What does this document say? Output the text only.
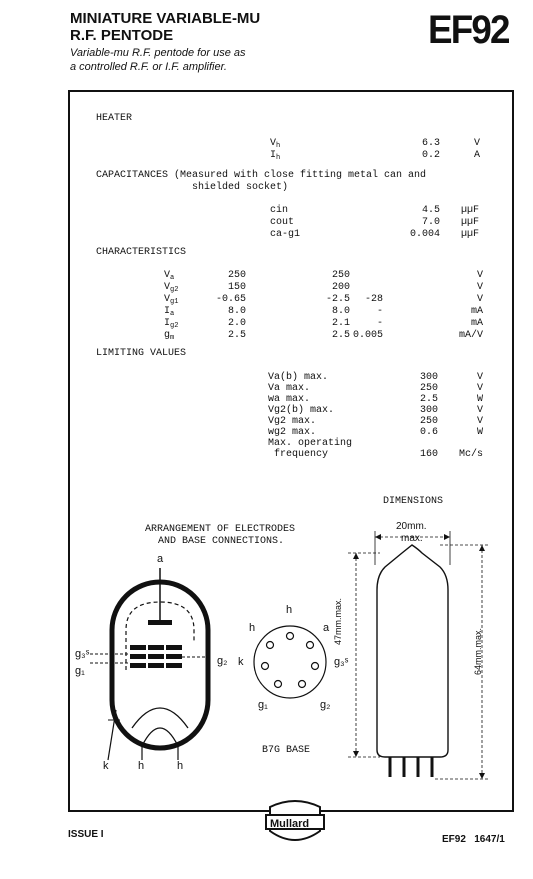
MINIATURE VARIABLE-MU
R.F. PENTODE
Variable-mu R.F. pentode for use as
a controlled R.F. or I.F. amplifier.
EF92
HEATER
$V_h$	6.3	V
$I_h$	0.2	A
CAPACITANCES (Measured with close fitting metal can and
shielded socket)
cin	4.5 µµF
cout	7.0 µµF
ca-g1	0.004 µµF
CHARACTERISTICS
$V_a$	250	250	V
$V_{g2}$	150	200	V
$V_{g1}$	-0.65	-2.5 -28	V
$I_a$	8.0	8.0	-	mA
$I_{g2}$	2.0	2.1	-	mA
$g_m$	2.5	2.5 0.005	mA/V
LIMITING VALUES
Va(b) max.	300	V
Va max.	250	V
wa max.	2.5	W
Vg2(b) max.	300	V
Vg2 max.	250	V
wg2 max.	0.6	W
Max. operating
frequency	160 Mc/s
DIMENSIONS
ARRANGEMENT OF ELECTRODES
AND BASE CONNECTIONS.
a
g₃ˢ
g₁
g₂
k	h	h
h
h	a
k	g₃ˢ
g₁	g₂
B7G BASE
20mm.
max.
47mm.max.
64mm.max.
Mullard
ISSUE I	EF92   1647/1
